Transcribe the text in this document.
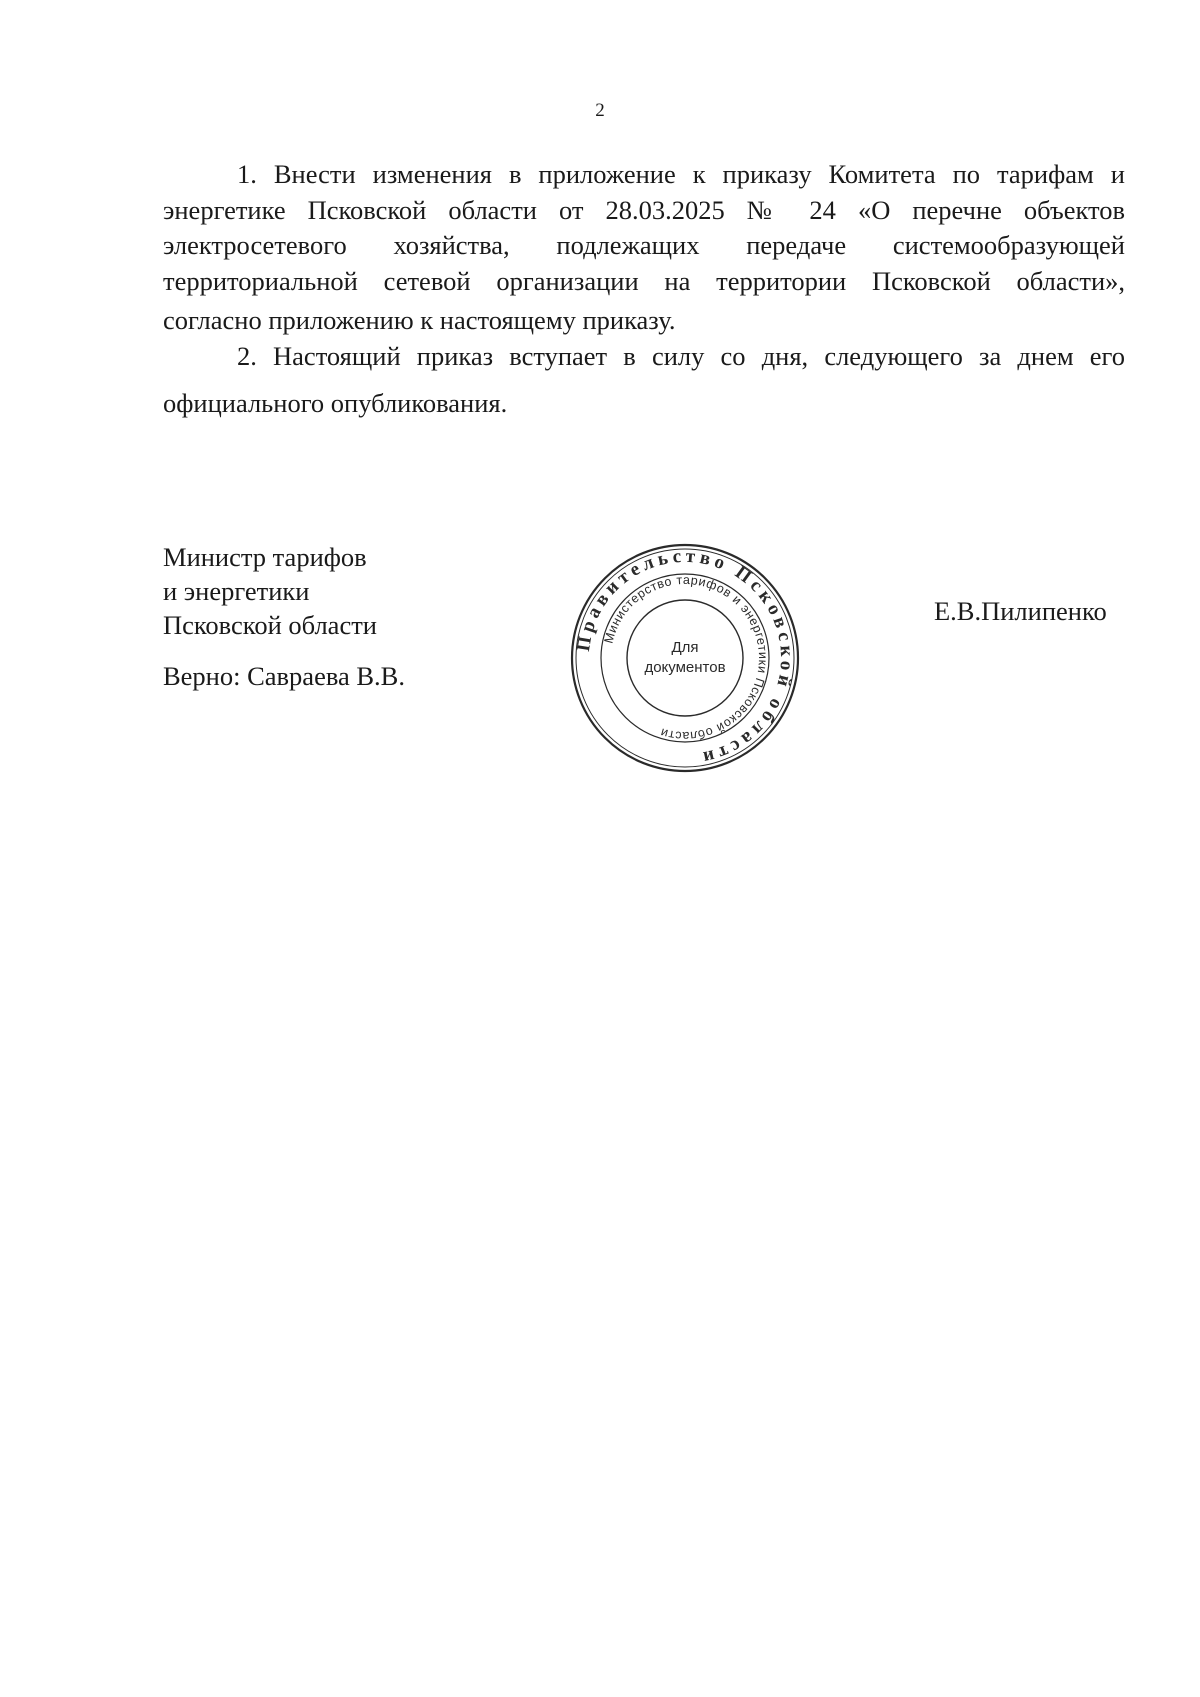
2

1. Внести изменения в приложение к приказу Комитета по тарифам и энергетике Псковской области от 28.03.2025 № 24 «О перечне объектов электросетевого хозяйства, подлежащих передаче системообразующей территориальной сетевой организации на территории Псковской области»,
согласно приложению к настоящему приказу.

2. Настоящий приказ вступает в силу со дня, следующего за днем его
официального опубликования.

Министр тарифов
и энергетики
Псковской области
Верно: Савраева В.В.
Е.В.Пилипенко
Правительство Псковской области
Министерство тарифов и энергетики Псковской области
Для
документов
